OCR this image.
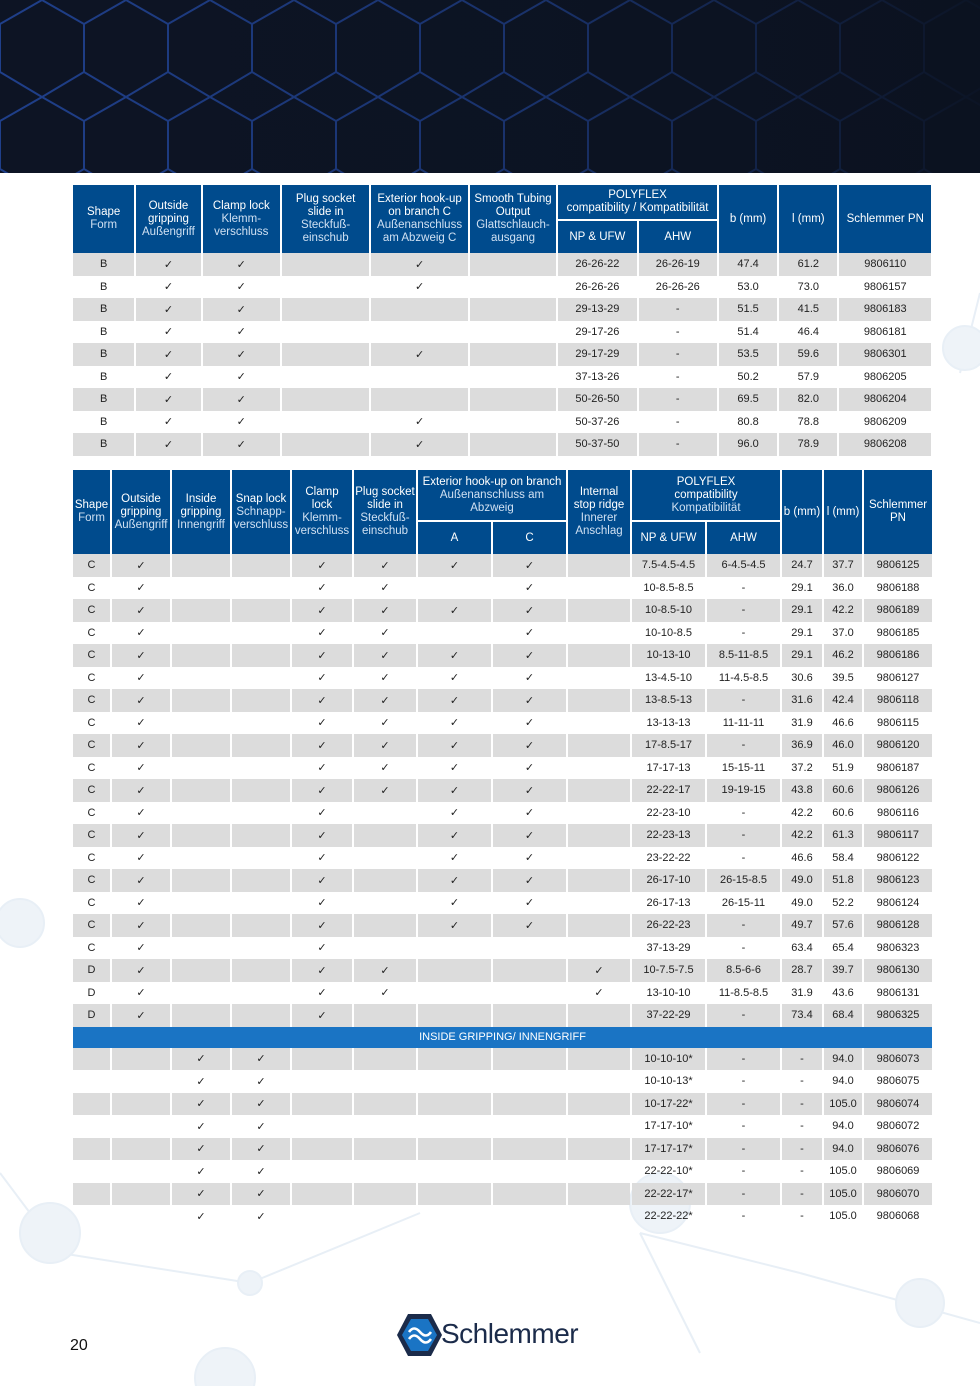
Shape
Form	Outside
gripping
Außengriff	Clamp lock
Klemm-
verschluss	Plug socket
slide in
Steckfuß-
einschub	Exterior hook-up
on branch C
Außenanschluss
am Abzweig C	Smooth Tubing
Output
Glattschlauch-
ausgang	POLYFLEX
compatibility / Kompatibilität		b (mm)	l (mm)	Schlemmer PN
						NP & UFW	AHW			
B	✓	✓		✓		26-26-22	26-26-19	47.4	61.2	9806110
B	✓	✓		✓		26-26-26	26-26-26	53.0	73.0	9806157
B	✓	✓				29-13-29	-	51.5	41.5	9806183
B	✓	✓				29-17-26	-	51.4	46.4	9806181
B	✓	✓		✓		29-17-29	-	53.5	59.6	9806301
B	✓	✓				37-13-26	-	50.2	57.9	9806205
B	✓	✓				50-26-50	-	69.5	82.0	9806204
B	✓	✓		✓		50-37-26	-	80.8	78.8	9806209
B	✓	✓		✓		50-37-50	-	96.0	78.9	9806208
Shape
Form	Outside
gripping
Außengriff	Inside
gripping
Innengriff	Snap lock
Schnapp-
verschluss	Clamp
lock
Klemm-
verschluss	Plug socket
slide in
Steckfuß-
einschub	Exterior hook-up on branch
Außenanschluss am
Abzweig		Internal
stop ridge
Innerer
Anschlag	POLYFLEX
compatibility
Kompatibilität		b (mm)	l (mm)	Schlemmer
PN
						A	C		NP & UFW	AHW			
C	✓			✓	✓	✓	✓		7.5-4.5-4.5	6-4.5-4.5	24.7	37.7	9806125
C	✓			✓	✓		✓		10-8.5-8.5	-	29.1	36.0	9806188
C	✓			✓	✓	✓	✓		10-8.5-10	-	29.1	42.2	9806189
C	✓			✓	✓		✓		10-10-8.5	-	29.1	37.0	9806185
C	✓			✓	✓	✓	✓		10-13-10	8.5-11-8.5	29.1	46.2	9806186
C	✓			✓	✓	✓	✓		13-4.5-10	11-4.5-8.5	30.6	39.5	9806127
C	✓			✓	✓	✓	✓		13-8.5-13	-	31.6	42.4	9806118
C	✓			✓	✓	✓	✓		13-13-13	11-11-11	31.9	46.6	9806115
C	✓			✓	✓	✓	✓		17-8.5-17	-	36.9	46.0	9806120
C	✓			✓	✓	✓	✓		17-17-13	15-15-11	37.2	51.9	9806187
C	✓			✓	✓	✓	✓		22-22-17	19-19-15	43.8	60.6	9806126
C	✓			✓		✓	✓		22-23-10	-	42.2	60.6	9806116
C	✓			✓		✓	✓		22-23-13	-	42.2	61.3	9806117
C	✓			✓		✓	✓		23-22-22	-	46.6	58.4	9806122
C	✓			✓		✓	✓		26-17-10	26-15-8.5	49.0	51.8	9806123
C	✓			✓		✓	✓		26-17-13	26-15-11	49.0	52.2	9806124
C	✓			✓		✓	✓		26-22-23	-	49.7	57.6	9806128
C	✓			✓					37-13-29	-	63.4	65.4	9806323
D	✓			✓	✓			✓	10-7.5-7.5	8.5-6-6	28.7	39.7	9806130
D	✓			✓	✓			✓	13-10-10	11-8.5-8.5	31.9	43.6	9806131
D	✓			✓					37-22-29	-	73.4	68.4	9806325
INSIDE GRIPPING/ INNENGRIFF													
		✓	✓						10-10-10*	-	-	94.0	9806073
		✓	✓						10-10-13*	-	-	94.0	9806075
		✓	✓						10-17-22*	-	-	105.0	9806074
		✓	✓						17-17-10*	-	-	94.0	9806072
		✓	✓						17-17-17*	-	-	94.0	9806076
		✓	✓						22-22-10*	-	-	105.0	9806069
		✓	✓						22-22-17*	-	-	105.0	9806070
		✓	✓						22-22-22*	-	-	105.0	9806068
Schlemmer
20
